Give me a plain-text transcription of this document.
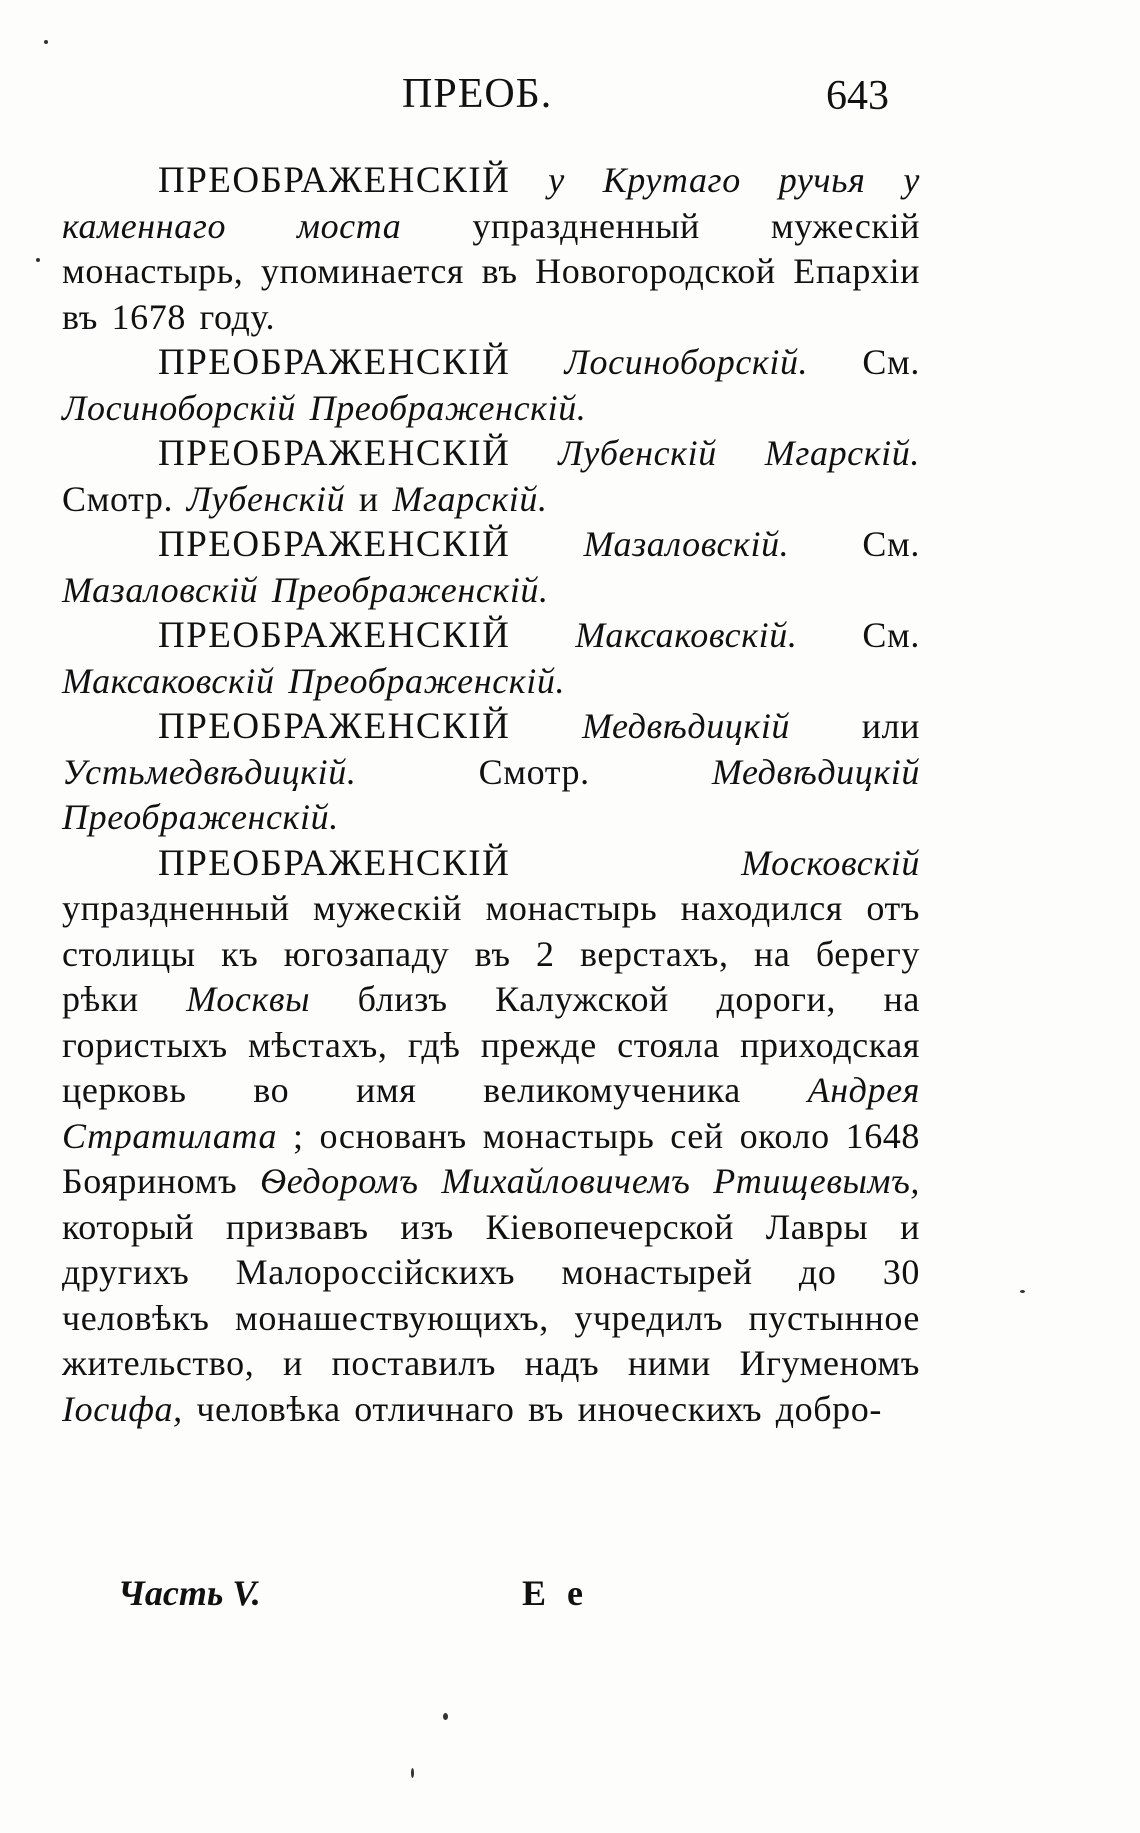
ПРЕОБ.	643

ПРЕОБРАЖЕНСКІЙ у Крутаго ручья у каменнаго моста упраздненный мужескій монастырь, упоминается въ Новогородской Епархіи въ 1678 году.

ПРЕОБРАЖЕНСКІЙ Лосиноборскій. См. Лосиноборскій Преображенскій.

ПРЕОБРАЖЕНСКІЙ Лубенскій Мгарскій. Смотр. Лубенскій и Мгарскій.

ПРЕОБРАЖЕНСКІЙ Мазаловскій. См. Мазаловскій Преображенскій.

ПРЕОБРАЖЕНСКІЙ Максаковскій. См. Максаковскій Преображенскій.

ПРЕОБРАЖЕНСКІЙ Медвѣдицкій или Устьмедвѣдицкій.	Смотр.	Медвѣдицкій Преображенскій.

ПРЕОБРАЖЕНСКІЙ	Московскій упраздненный мужескій монастырь находился отъ столицы къ югозападу въ 2 верстахъ, на берегу рѣки Москвы близъ Калужской дороги, на гористыхъ мѣстахъ, гдѣ прежде стояла приходская церковь во имя великомученика Андрея Стратилата ; основанъ монастырь сей около 1648 Бояриномъ Ѳедоромъ Михайловичемъ Ртищевымъ, который призвавъ изъ Кіевопечерской Лавры и другихъ Малороссійскихъ монастырей до 30 человѣкъ монашествующихъ, учредилъ пустынное жительство, и поставилъ надъ ними Игуменомъ Іосифа, человѣка отличнаго въ иноческихъ добро-

Часть V.	Е е
